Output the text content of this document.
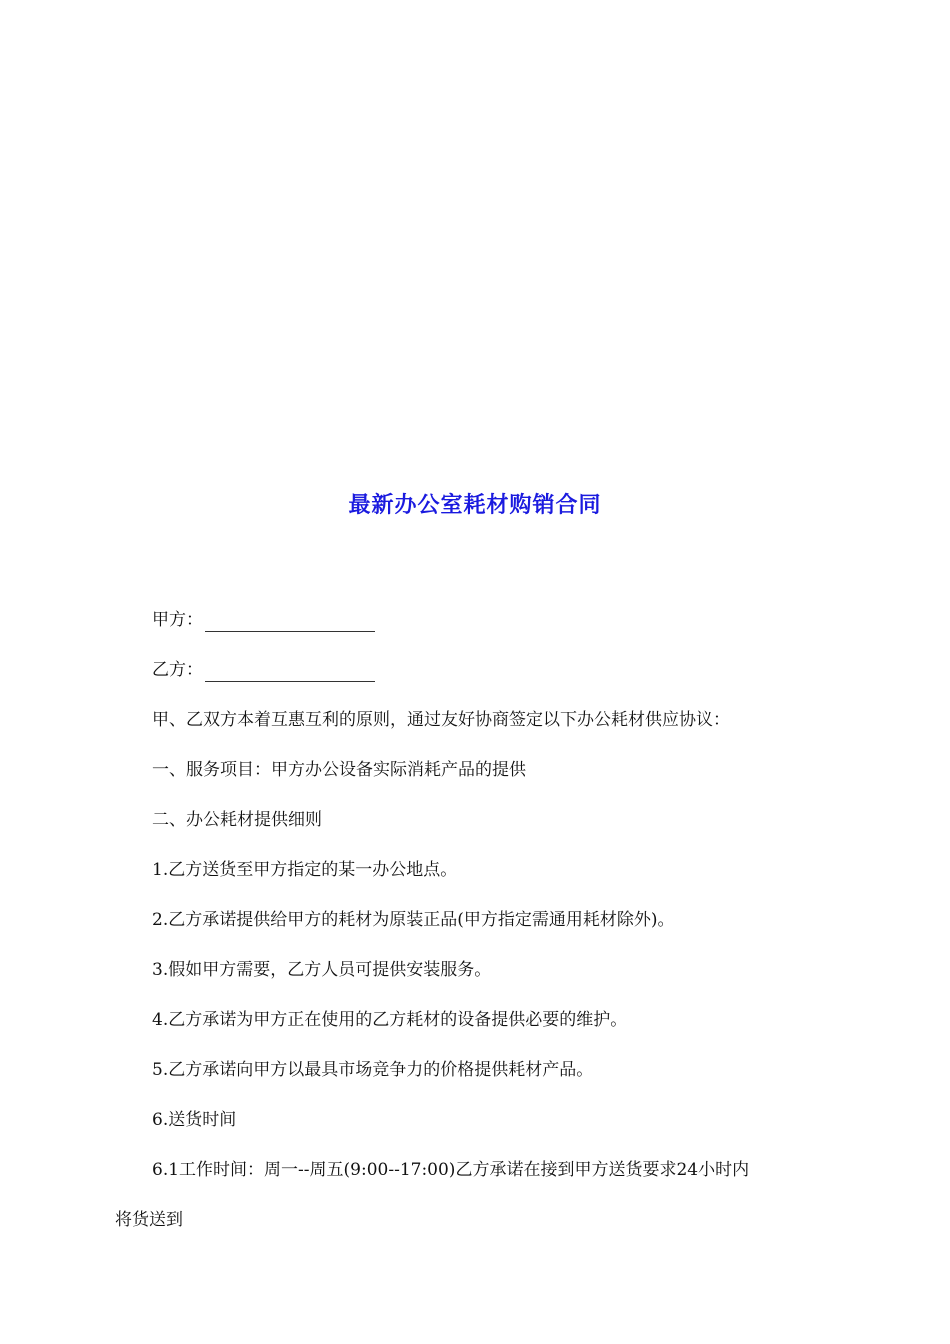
最新办公室耗材购销合同
甲方：
乙方：
甲、乙双方本着互惠互利的原则，通过友好协商签定以下办公耗材供应协议：
一、服务项目：甲方办公设备实际消耗产品的提供
二、办公耗材提供细则
1.乙方送货至甲方指定的某一办公地点。
2.乙方承诺提供给甲方的耗材为原装正品(甲方指定需通用耗材除外)。
3.假如甲方需要，乙方人员可提供安装服务。
4.乙方承诺为甲方正在使用的乙方耗材的设备提供必要的维护。
5.乙方承诺向甲方以最具市场竞争力的价格提供耗材产品。
6.送货时间
6.1工作时间：周一--周五(9:00--17:00)乙方承诺在接到甲方送货要求24小时内
将货送到
